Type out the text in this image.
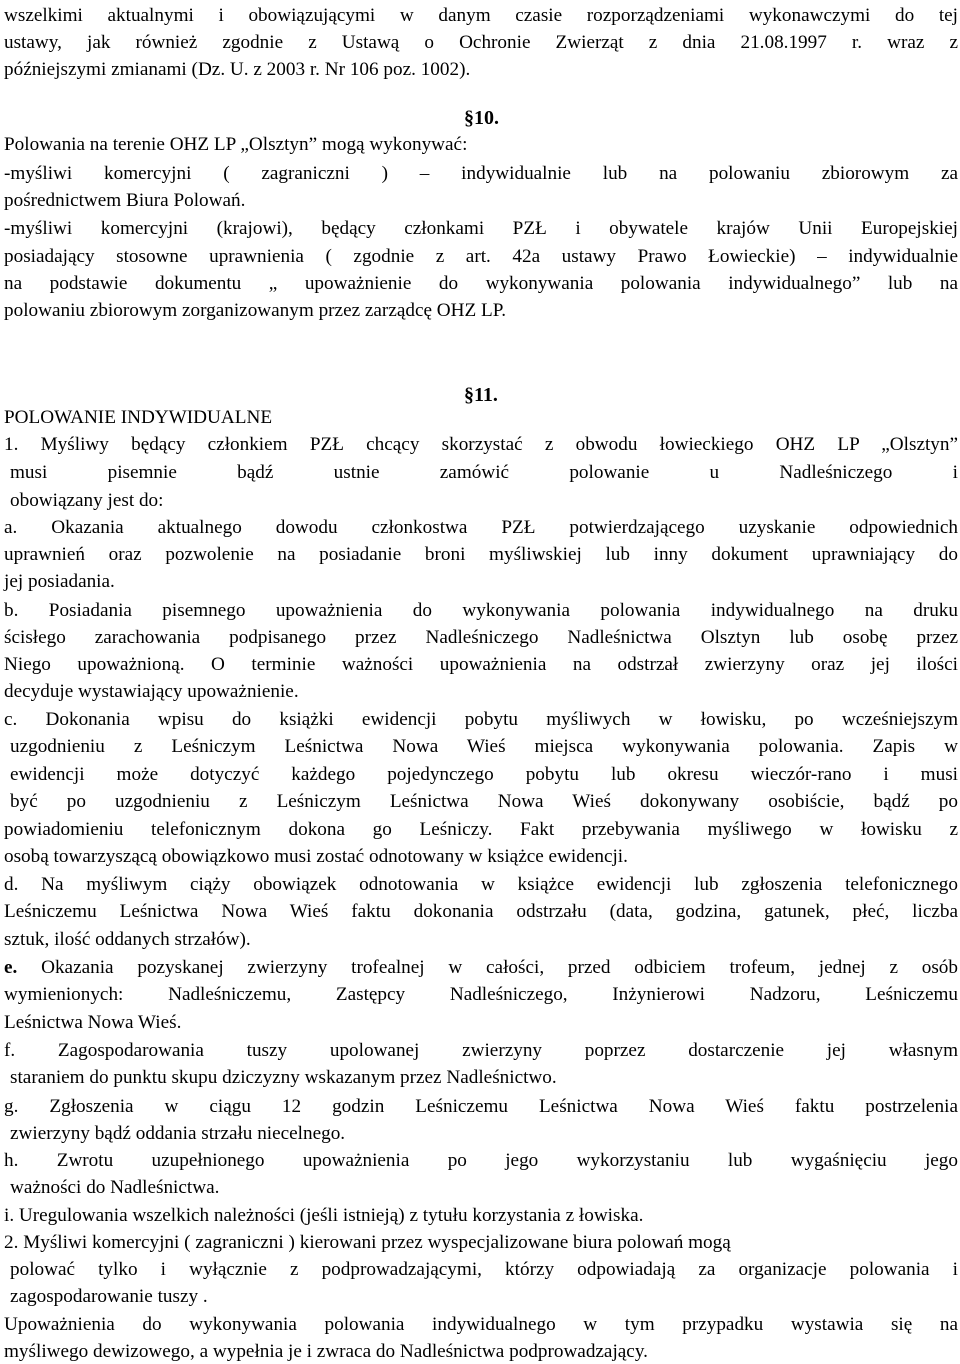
wszelkimi aktualnymi i obowiązującymi w danym czasie rozporządzeniami wykonawczymi do tej
ustawy, jak również zgodnie z Ustawą o Ochronie Zwierząt z dnia 21.08.1997 r. wraz z
późniejszymi zmianami (Dz. U. z 2003 r. Nr 106 poz. 1002).
§10.
Polowania na terenie OHZ LP „Olsztyn” mogą wykonywać:
-myśliwi komercyjni ( zagraniczni ) – indywidualnie lub na polowaniu zbiorowym za
pośrednictwem Biura Polowań.
-myśliwi komercyjni (krajowi), będący członkami PZŁ i obywatele krajów Unii Europejskiej
posiadający stosowne uprawnienia ( zgodnie z art. 42a ustawy Prawo Łowieckie) – indywidualnie
na podstawie dokumentu „ upoważnienie do wykonywania polowania indywidualnego” lub na
polowaniu zbiorowym zorganizowanym przez zarządcę OHZ LP.
§11.
POLOWANIE INDYWIDUALNE
1. Myśliwy będący członkiem PZŁ chcący skorzystać z obwodu łowieckiego OHZ LP „Olsztyn”
musi pisemnie bądź ustnie zamówić polowanie u Nadleśniczego i
obowiązany jest do:
a. Okazania aktualnego dowodu członkostwa PZŁ potwierdzającego uzyskanie odpowiednich
uprawnień oraz pozwolenie na posiadanie broni myśliwskiej lub inny dokument uprawniający do
jej posiadania.
b. Posiadania pisemnego upoważnienia do wykonywania polowania indywidualnego na druku
ścisłego zarachowania podpisanego przez Nadleśniczego Nadleśnictwa Olsztyn lub osobę przez
Niego upoważnioną. O terminie ważności upoważnienia na odstrzał zwierzyny oraz jej ilości
decyduje wystawiający upoważnienie.
c. Dokonania wpisu do książki ewidencji pobytu myśliwych w łowisku, po wcześniejszym
uzgodnieniu z Leśniczym Leśnictwa Nowa Wieś miejsca wykonywania polowania. Zapis w
ewidencji może dotyczyć każdego pojedynczego pobytu lub okresu wieczór-rano i musi
być po uzgodnieniu z Leśniczym Leśnictwa Nowa Wieś dokonywany osobiście, bądź po
powiadomieniu telefonicznym dokona go Leśniczy. Fakt przebywania myśliwego w łowisku z
osobą towarzyszącą obowiązkowo musi zostać odnotowany w książce ewidencji.
d. Na myśliwym ciąży obowiązek odnotowania w książce ewidencji lub zgłoszenia telefonicznego
Leśniczemu Leśnictwa Nowa Wieś faktu dokonania odstrzału (data, godzina, gatunek, płeć, liczba
sztuk, ilość oddanych strzałów).
e. Okazania pozyskanej zwierzyny trofealnej w całości, przed odbiciem trofeum, jednej z osób
wymienionych: Nadleśniczemu, Zastępcy Nadleśniczego, Inżynierowi Nadzoru, Leśniczemu
Leśnictwa Nowa Wieś.
f. Zagospodarowania tuszy upolowanej zwierzyny poprzez dostarczenie jej własnym
staraniem do punktu skupu dziczyzny wskazanym przez Nadleśnictwo.
g. Zgłoszenia w ciągu 12 godzin Leśniczemu Leśnictwa Nowa Wieś faktu postrzelenia
zwierzyny bądź oddania strzału niecelnego.
h. Zwrotu uzupełnionego upoważnienia po jego wykorzystaniu lub wygaśnięciu jego
ważności do Nadleśnictwa.
i. Uregulowania wszelkich należności (jeśli istnieją) z tytułu korzystania z łowiska.
2. Myśliwi komercyjni ( zagraniczni ) kierowani przez wyspecjalizowane biura polowań mogą
polować tylko i wyłącznie z podprowadzającymi, którzy odpowiadają za organizacje polowania i
zagospodarowanie tuszy .
Upoważnienia do wykonywania polowania indywidualnego w tym przypadku wystawia się na
myśliwego dewizowego, a wypełnia je i zwraca do Nadleśnictwa podprowadzający.
